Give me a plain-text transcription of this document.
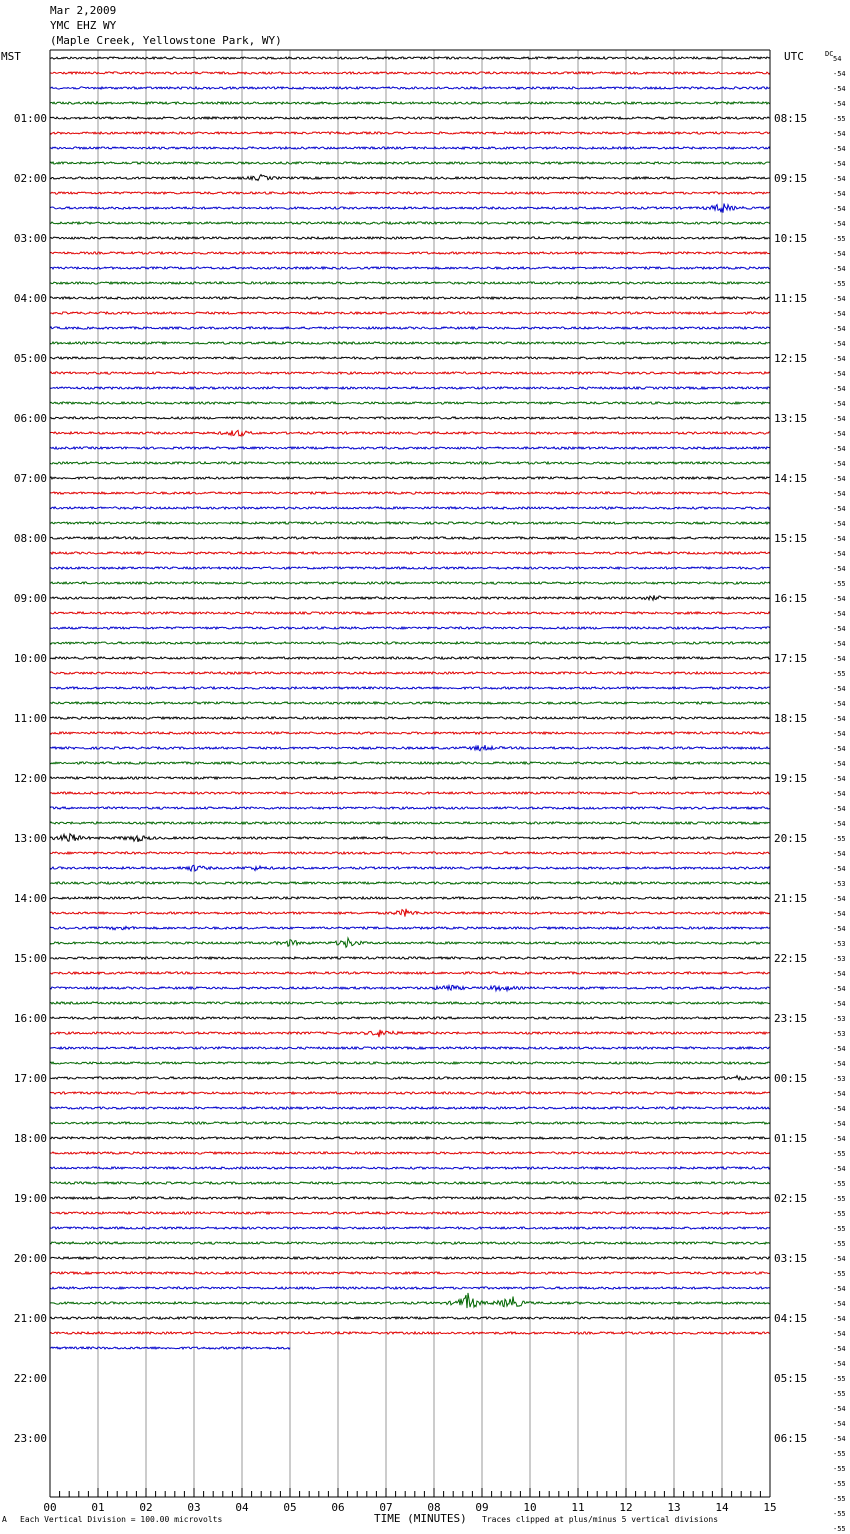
01:00
02:00
03:00
04:00
05:00
06:00
07:00
08:00
09:00
10:00
11:00
12:00
13:00
14:00
15:00
16:00
17:00
18:00
19:00
20:00
21:00
22:00
23:00
08:15
09:15
10:15
11:15
12:15
13:15
14:15
15:15
16:15
17:15
18:15
19:15
20:15
21:15
22:15
23:15
00:15
01:15
02:15
03:15
04:15
05:15
06:15
54
-54
-54
-54
-55
-54
-54
-54
-54
-54
-54
-54
-55
-54
-54
-55
-54
-54
-54
-54
-54
-54
-54
-54
-54
-54
-54
-54
-54
-54
-54
-54
-54
-54
-54
-55
-54
-54
-54
-54
-54
-55
-54
-54
-54
-54
-54
-54
-54
-54
-54
-54
-55
-54
-54
-53
-54
-54
-54
-53
-53
-54
-54
-54
-53
-53
-54
-54
-53
-54
-54
-54
-54
-55
-54
-55
-55
-55
-55
-55
-54
-55
-54
-54
-54
-54
-54
-54
-55
-55
-54
-54
-54
-55
-55
-55
-55
-55
-55
00	01	02	03	04	05	06	07	08	09	10	11	12	13	14	15
Mar 2,2009
YMC EHZ WY
(Maple Creek, Yellowstone Park, WY)
MST	UTC	DC
A Each Vertical Division = 100.00 microvolts	TIME (MINUTES) Traces clipped at plus/minus 5 vertical divisions
